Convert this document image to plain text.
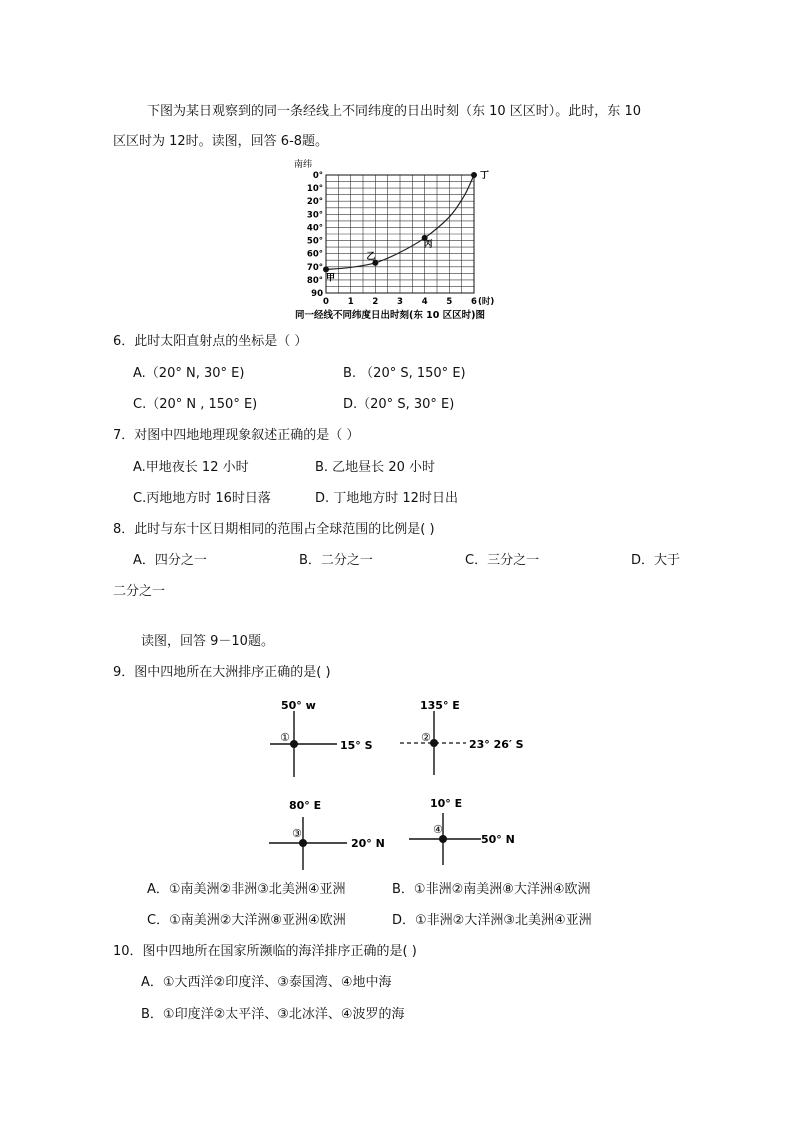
下图为某日观察到的同一条经线上不同纬度的日出时刻（东 10 区区时）。此时，东 10
区区时为 12时。读图，回答 6-8题。
南纬
0°
10°
20°
30°
40°
50°
60°
70°
80°
90
0 1 2 3 4 5 6 (时)
甲
乙
丙
丁
同一经线不同纬度日出时刻(东 10 区区时)图
6．此时太阳直射点的坐标是（ ）
A.（20° N, 30° E)	B. （20° S, 150° E)
C.（20° N , 150° E)	D.（20° S, 30° E)
7．对图中四地地理现象叙述正确的是（ ）
A.甲地夜长 12 小时	B. 乙地昼长 20 小时
C.丙地地方时 16时日落	D. 丁地地方时 12时日出
8．此时与东十区日期相同的范围占全球范围的比例是( )
A．四分之一	B．二分之一	C．三分之一	D．大于
二分之一
读图，回答 9－10题。
9．图中四地所在大洲排序正确的是( )
50° w
①
15° S
135° E
②
23° 26′ S
80° E
③
20° N
10° E
④
50° N
A．①南美洲②非洲③北美洲④亚洲	B．①非洲②南美洲⑧大洋洲④欧洲
C．①南美洲②大洋洲⑧亚洲④欧洲	D．①非洲②大洋洲③北美洲④亚洲
10．图中四地所在国家所濒临的海洋排序正确的是( )
A．①大西洋②印度洋、③泰国湾、④地中海
B．①印度洋②太平洋、③北冰洋、④波罗的海
